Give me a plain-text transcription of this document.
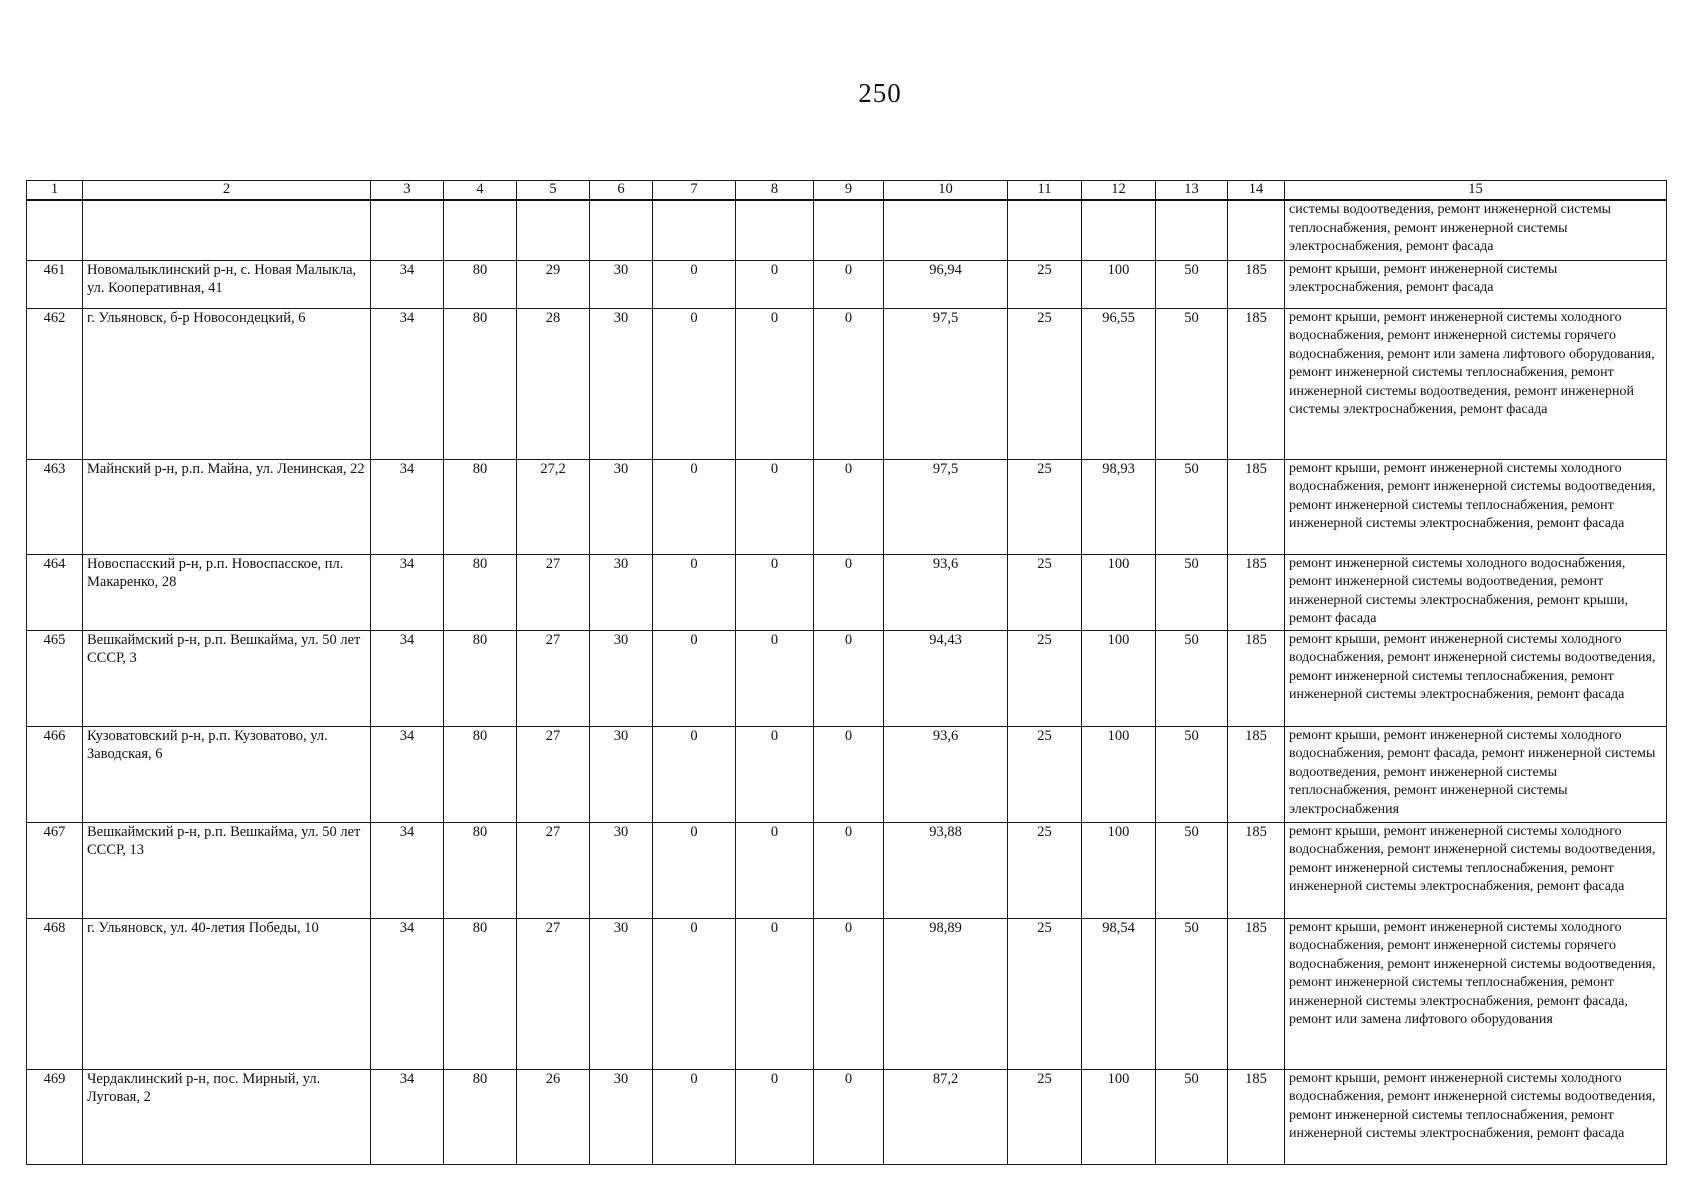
250
1	2	3	4	5	6	7	8	9	10	11	12	13	14	15
														системы водоотведения, ремонт инженерной системы теплоснабжения, ремонт инженерной системы электроснабжения, ремонт фасада
461	Новомалыклинский р-н, с. Новая Малыкла, ул. Кооперативная, 41	34	80	29	30	0	0	0	96,94	25	100	50	185	ремонт крыши, ремонт инженерной системы электроснабжения, ремонт фасада
462	г. Ульяновск, б-р Новосондецкий, 6	34	80	28	30	0	0	0	97,5	25	96,55	50	185	ремонт крыши, ремонт инженерной системы холодного водоснабжения, ремонт инженерной системы горячего водоснабжения, ремонт или замена лифтового оборудования, ремонт инженерной системы теплоснабжения, ремонт инженерной системы водоотведения, ремонт инженерной системы электроснабжения, ремонт фасада
463	Майнский р-н, р.п. Майна, ул. Ленинская, 22	34	80	27,2	30	0	0	0	97,5	25	98,93	50	185	ремонт крыши, ремонт инженерной системы холодного водоснабжения, ремонт инженерной системы водоотведения, ремонт инженерной системы теплоснабжения, ремонт инженерной системы электроснабжения, ремонт фасада
464	Новоспасский р-н, р.п. Новоспасское, пл. Макаренко, 28	34	80	27	30	0	0	0	93,6	25	100	50	185	ремонт инженерной системы холодного водоснабжения, ремонт инженерной системы водоотведения, ремонт инженерной системы электроснабжения, ремонт крыши, ремонт фасада
465	Вешкаймский р-н, р.п. Вешкайма, ул. 50 лет СССР, 3	34	80	27	30	0	0	0	94,43	25	100	50	185	ремонт крыши, ремонт инженерной системы холодного водоснабжения, ремонт инженерной системы водоотведения, ремонт инженерной системы теплоснабжения, ремонт инженерной системы электроснабжения, ремонт фасада
466	Кузоватовский р-н, р.п. Кузоватово, ул. Заводская, 6	34	80	27	30	0	0	0	93,6	25	100	50	185	ремонт крыши, ремонт инженерной системы холодного водоснабжения, ремонт фасада, ремонт инженерной системы водоотведения, ремонт инженерной системы теплоснабжения, ремонт инженерной системы электроснабжения
467	Вешкаймский р-н, р.п. Вешкайма, ул. 50 лет СССР, 13	34	80	27	30	0	0	0	93,88	25	100	50	185	ремонт крыши, ремонт инженерной системы холодного водоснабжения, ремонт инженерной системы водоотведения, ремонт инженерной системы теплоснабжения, ремонт инженерной системы электроснабжения, ремонт фасада
468	г. Ульяновск, ул. 40-летия Победы, 10	34	80	27	30	0	0	0	98,89	25	98,54	50	185	ремонт крыши, ремонт инженерной системы холодного водоснабжения, ремонт инженерной системы горячего водоснабжения, ремонт инженерной системы водоотведения, ремонт инженерной системы теплоснабжения, ремонт инженерной системы электроснабжения, ремонт фасада, ремонт или замена лифтового оборудования
469	Чердаклинский р-н, пос. Мирный, ул. Луговая, 2	34	80	26	30	0	0	0	87,2	25	100	50	185	ремонт крыши, ремонт инженерной системы холодного водоснабжения, ремонт инженерной системы водоотведения, ремонт инженерной системы теплоснабжения, ремонт инженерной системы электроснабжения, ремонт фасада
